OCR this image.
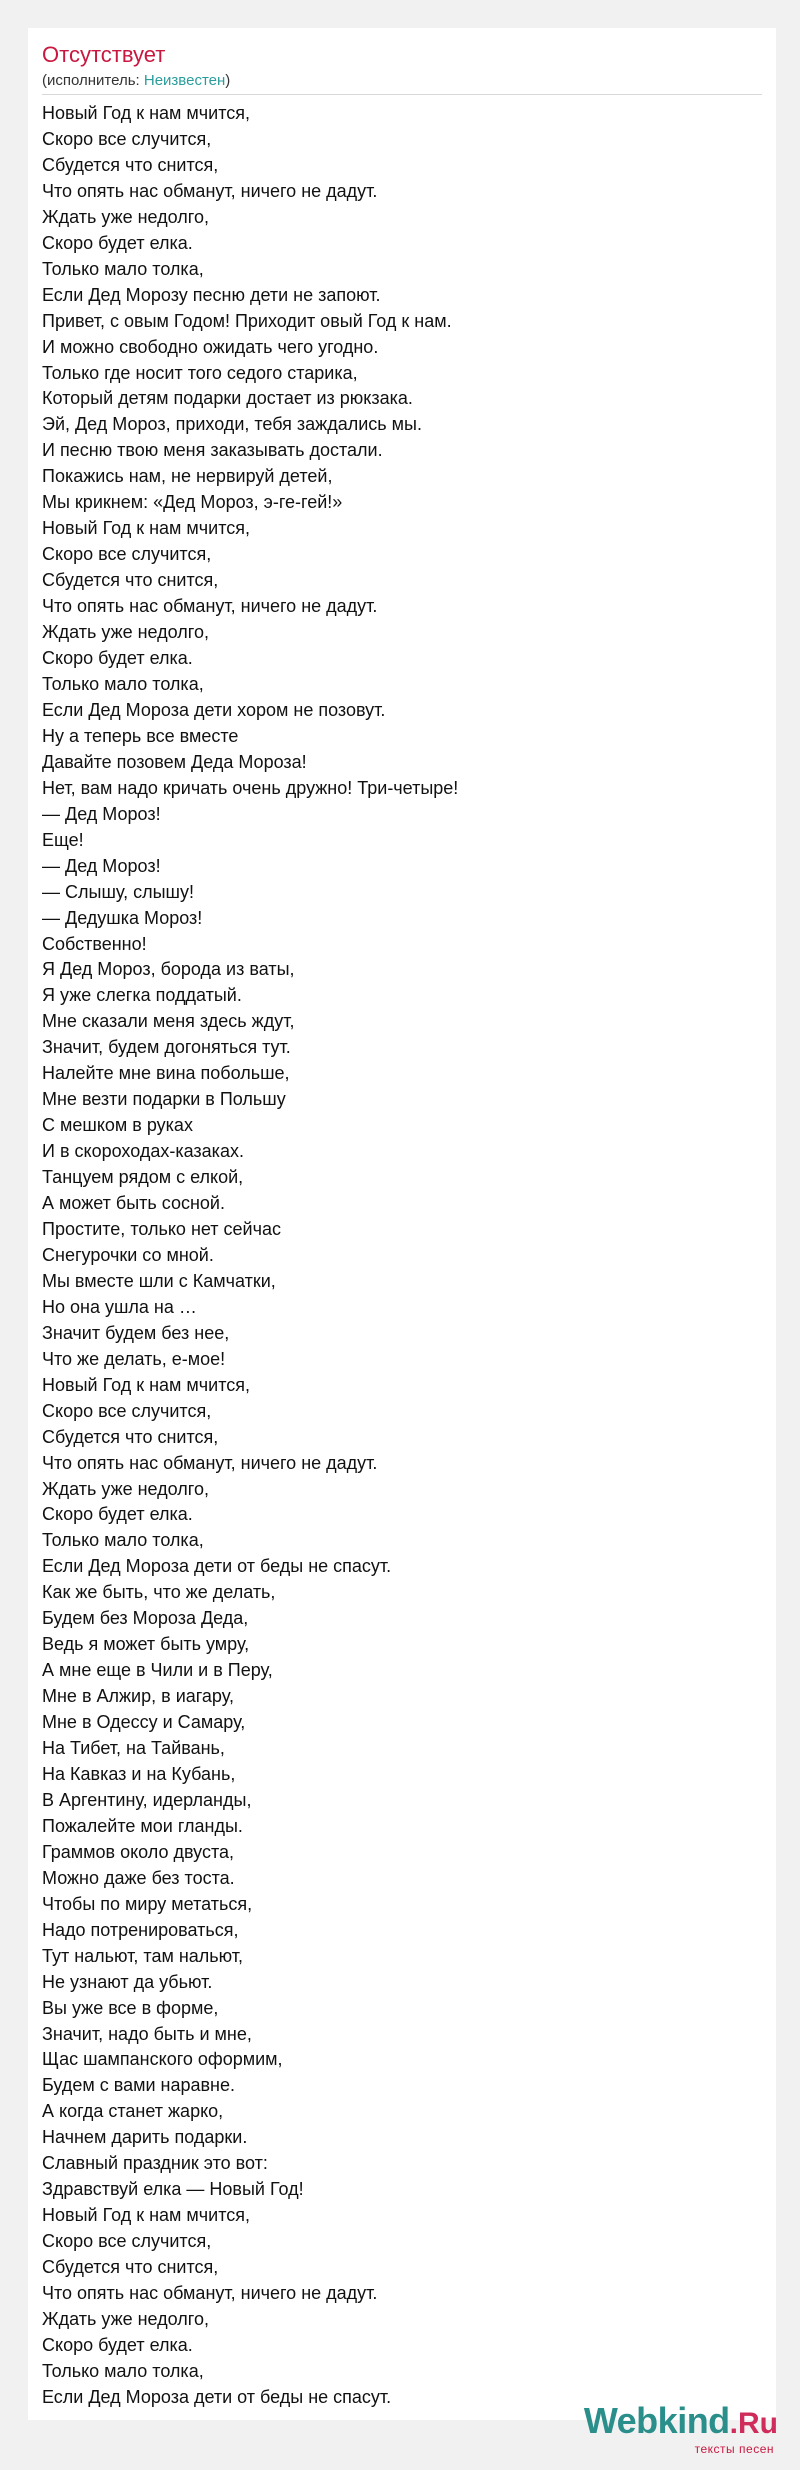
Отсутствует
(исполнитель: Неизвестен)
Новый Год к нам мчится,
Скоро все случится,
Сбудется что снится,
Что опять нас обманут, ничего не дадут.
Ждать уже недолго,
Скоро будет елка.
Только мало толка,
Если Дед Морозу песню дети не запоют.
Привет, с овым Годом! Приходит овый Год к нам.
И можно свободно ожидать чего угодно.
Только где носит того седого старика,
Который детям подарки достает из рюкзака.
Эй, Дед Мороз, приходи, тебя заждались мы.
И песню твою меня заказывать достали.
Покажись нам, не нервируй детей,
Мы крикнем: «Дед Мороз, э-ге-гей!»
Новый Год к нам мчится,
Скоро все случится,
Сбудется что снится,
Что опять нас обманут, ничего не дадут.
Ждать уже недолго,
Скоро будет елка.
Только мало толка,
Если Дед Мороза дети хором не позовут.
Ну а теперь все вместе
Давайте позовем Деда Мороза!
Нет, вам надо кричать очень дружно! Три-четыре!
— Дед Мороз!
Еще!
— Дед Мороз!
— Слышу, слышу!
— Дедушка Мороз!
Собственно!
Я Дед Мороз, борода из ваты,
Я уже слегка поддатый.
Мне сказали меня здесь ждут,
Значит, будем догоняться тут.
Налейте мне вина побольше,
Мне везти подарки в Польшу
С мешком в руках
И в скороходах-казаках.
Танцуем рядом с елкой,
А может быть сосной.
Простите, только нет сейчас
Снегурочки со мной.
Мы вместе шли с Камчатки,
Но она ушла на …
Значит будем без нее,
Что же делать, е-мое!
Новый Год к нам мчится,
Скоро все случится,
Сбудется что снится,
Что опять нас обманут, ничего не дадут.
Ждать уже недолго,
Скоро будет елка.
Только мало толка,
Если Дед Мороза дети от беды не спасут.
Как же быть, что же делать,
Будем без Мороза Деда,
Ведь я может быть умру,
А мне еще в Чили и в Перу,
Мне в Алжир, в иагару,
Мне в Одессу и Самару,
На Тибет, на Тайвань,
На Кавказ и на Кубань,
В Аргентину, идерланды,
Пожалейте мои гланды.
Граммов около двуста,
Можно даже без тоста.
Чтобы по миру метаться,
Надо потренироваться,
Тут нальют, там нальют,
Не узнают да убьют.
Вы уже все в форме,
Значит, надо быть и мне,
Щас шампанского оформим,
Будем с вами наравне.
А когда станет жарко,
Начнем дарить подарки.
Славный праздник это вот:
Здравствуй елка — Новый Год!
Новый Год к нам мчится,
Скоро все случится,
Сбудется что снится,
Что опять нас обманут, ничего не дадут.
Ждать уже недолго,
Скоро будет елка.
Только мало толка,
Если Дед Мороза дети от беды не спасут.
Webkind.Ru
тексты песен
